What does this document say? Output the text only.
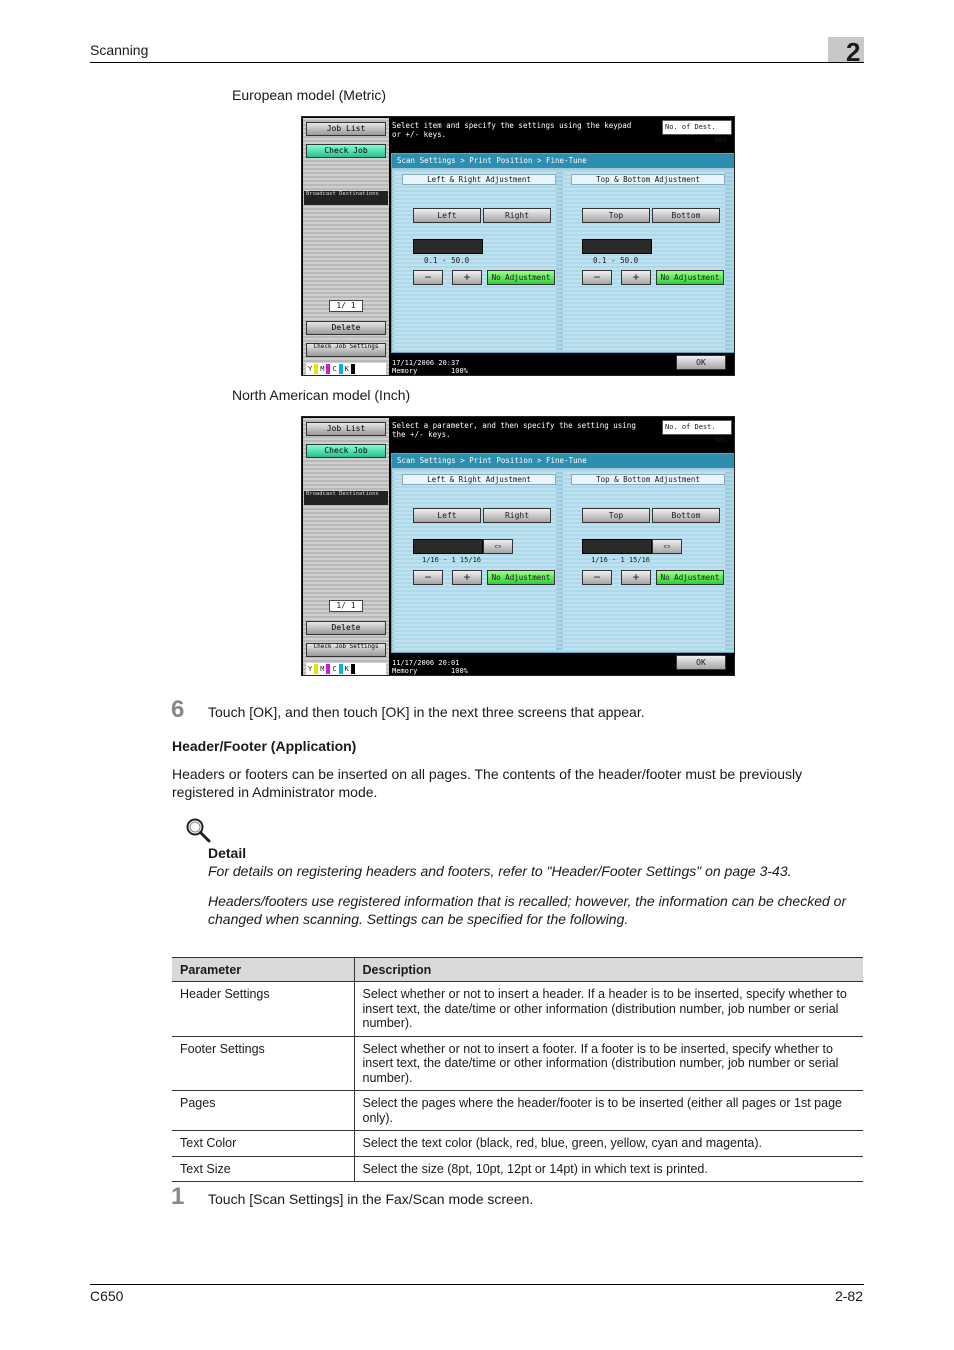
Scanning	2
European model (Metric)
Job List
Check Job
Broadcast Destinations
1/ 1
Delete
Check Job Settings
Y M C K
Select item and specify the settings using the keypad or +/- keys.
No. of Dest.
000
Scan Settings > Print Position > Fine-Tune
Left & Right Adjustment
Left	Right
0.1 - 50.0
−	+	No Adjustment
Top & Bottom Adjustment
Top	Bottom
0.1 - 50.0
−	+	No Adjustment
17/11/2006 20:37
Memory	100%
OK
North American model (Inch)
Job List
Check Job
Broadcast Destinations
1/ 1
Delete
Check Job Settings
Y M C K
Select a parameter, and then specify the setting using the +/- keys.
No. of Dest.
000
Scan Settings > Print Position > Fine-Tune
Left & Right Adjustment
Left	Right
⇔
1/16 - 1 15/16
−	+	No Adjustment
Top & Bottom Adjustment
Top	Bottom
⇔
1/16 - 1 15/16
−	+	No Adjustment
11/17/2006 20:01
Memory	100%
OK
6 Touch [OK], and then touch [OK] in the next three screens that appear.
Header/Footer (Application)
Headers or footers can be inserted on all pages. The contents of the header/footer must be previously registered in Administrator mode.
Detail
For details on registering headers and footers, refer to "Header/Footer Settings" on page 3-43.
Headers/footers use registered information that is recalled; however, the information can be checked or changed when scanning. Settings can be specified for the following.
Parameter	Description
Header Settings	Select whether or not to insert a header. If a header is to be inserted, specify whether to insert text, the date/time or other information (distribution number, job number or serial number).
Footer Settings	Select whether or not to insert a footer. If a footer is to be inserted, specify whether to insert text, the date/time or other information (distribution number, job number or serial number).
Pages	Select the pages where the header/footer is to be inserted (either all pages or 1st page only).
Text Color	Select the text color (black, red, blue, green, yellow, cyan and magenta).
Text Size	Select the size (8pt, 10pt, 12pt or 14pt) in which text is printed.
1 Touch [Scan Settings] in the Fax/Scan mode screen.
C650	2-82
